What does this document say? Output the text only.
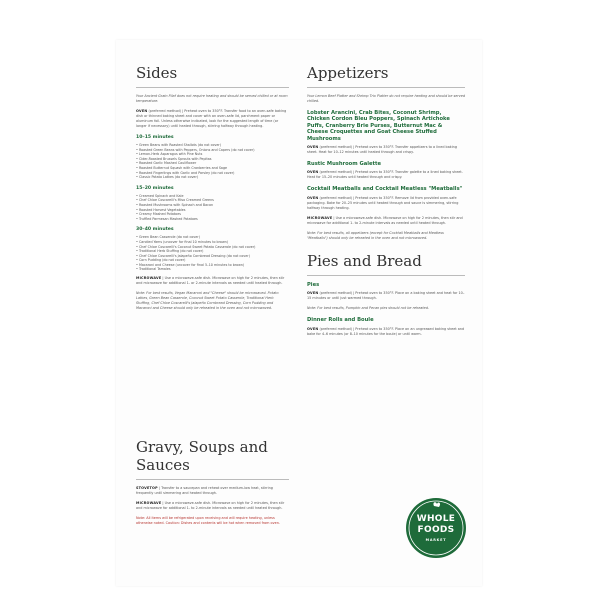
Sides

Your Ancient Grain Pilaf does not require heating and should be served chilled or at room temperature.

OVEN (preferred method) | Preheat oven to 350°F. Transfer food to an oven-safe baking dish or thinned baking sheet and cover with an oven-safe lid, parchment paper or aluminum foil. Unless otherwise indicated, look for the suggested length of time (or longer if necessary) until heated through, stirring halfway through heating.

10–15 minutes
• Green Beans with Roasted Shallots (do not cover)
• Roasted Green Beans with Peppers, Onions and Capers (do not cover)
• Lemon-Herb Asparagus with Pine Nuts
• Cider-Roasted Brussels Sprouts with Pepitas
• Roasted Garlic Mashed Cauliflower
• Roasted Butternut Squash with Cranberries and Sage
• Roasted Fingerlings with Garlic and Parsley (do not cover)
• Classic Potato Latkes (do not cover)
15–20 minutes
• Creamed Spinach and Kale
• Chef Chloe Coscarelli's Miso Creamed Greens
• Roasted Mushrooms with Spinach and Bacon
• Roasted Harvest Vegetables
• Creamy Mashed Potatoes
• Truffled Parmesan Mashed Potatoes
30–40 minutes
• Green Bean Casserole (do not cover)
• Candied Yams (uncover for final 10 minutes to brown)
• Chef Chloe Coscarelli's Coconut Sweet Potato Casserole (do not cover)
• Traditional Herb Stuffing (do not cover)
• Chef Chloe Coscarelli's Jalapeño Cornbread Dressing (do not cover)
• Corn Pudding (do not cover)
• Macaroni and Cheese (uncover for final 5–10 minutes to brown)
• Traditional Tamales

MICROWAVE | Use a microwave-safe dish. Microwave on high for 2 minutes, then stir and microwave for additional 1- or 2-minute intervals as needed until heated through.

Note: For best results, Vegan Macaroni and "Cheese" should be microwaved. Potato Latkes, Green Bean Casserole, Coconut Sweet Potato Casserole, Traditional Herb Stuffing, Chef Chloe Coscarelli's Jalapeño Cornbread Dressing, Corn Pudding and Macaroni and Cheese should only be reheated in the oven and not microwaved.

Gravy, Soups and Sauces

STOVETOP | Transfer to a saucepan and reheat over medium-low heat, stirring frequently until simmering and heated through.

MICROWAVE | Use a microwave-safe dish. Microwave on high for 2 minutes, then stir and microwave for additional 1- to 2-minute intervals as needed until heated through.

Note: All items will be refrigerated upon receiving and will require heating, unless otherwise noted. Caution: Dishes and contents will be hot when removed from oven.

Appetizers

Your Lemon Beef Platter and Shrimp Trio Platter do not require heating and should be served chilled.

Lobster Arancini, Crab Bites, Coconut Shrimp, Chicken Cordon Bleu Poppers, Spinach Artichoke Puffs, Cranberry Brie Purses, Butternut Mac & Cheese Croquettes and Goat Cheese Stuffed Mushrooms

OVEN (preferred method) | Preheat oven to 350°F. Transfer appetizers to a lined baking sheet. Heat for 10–12 minutes until heated through and crispy.

Rustic Mushroom Galette

OVEN (preferred method) | Preheat oven to 350°F. Transfer galette to a lined baking sheet. Heat for 15–20 minutes until heated through and crispy.

Cocktail Meatballs and Cocktail Meatless "Meatballs"

OVEN (preferred method) | Preheat oven to 350°F. Remove lid from provided oven-safe packaging. Bake for 20–25 minutes until heated through and sauce is simmering, stirring halfway through heating.

MICROWAVE | Use a microwave-safe dish. Microwave on high for 2 minutes, then stir and microwave for additional 1- to 2-minute intervals as needed until heated through.

Note: For best results, all appetizers (except for Cocktail Meatballs and Meatless "Meatballs") should only be reheated in the oven and not microwaved.

Pies and Bread
Pies

OVEN (preferred method) | Preheat oven to 350°F. Place on a baking sheet and heat for 10–15 minutes or until just warmed through.

Note: For best results, Pumpkin and Pecan pies should not be reheated.

Dinner Rolls and Boule

OVEN (preferred method) | Preheat oven to 350°F. Place on an ungreased baking sheet and bake for 4–6 minutes (or 8–10 minutes for the boule) or until warm.

WHOLE
FOODS
MARKET
